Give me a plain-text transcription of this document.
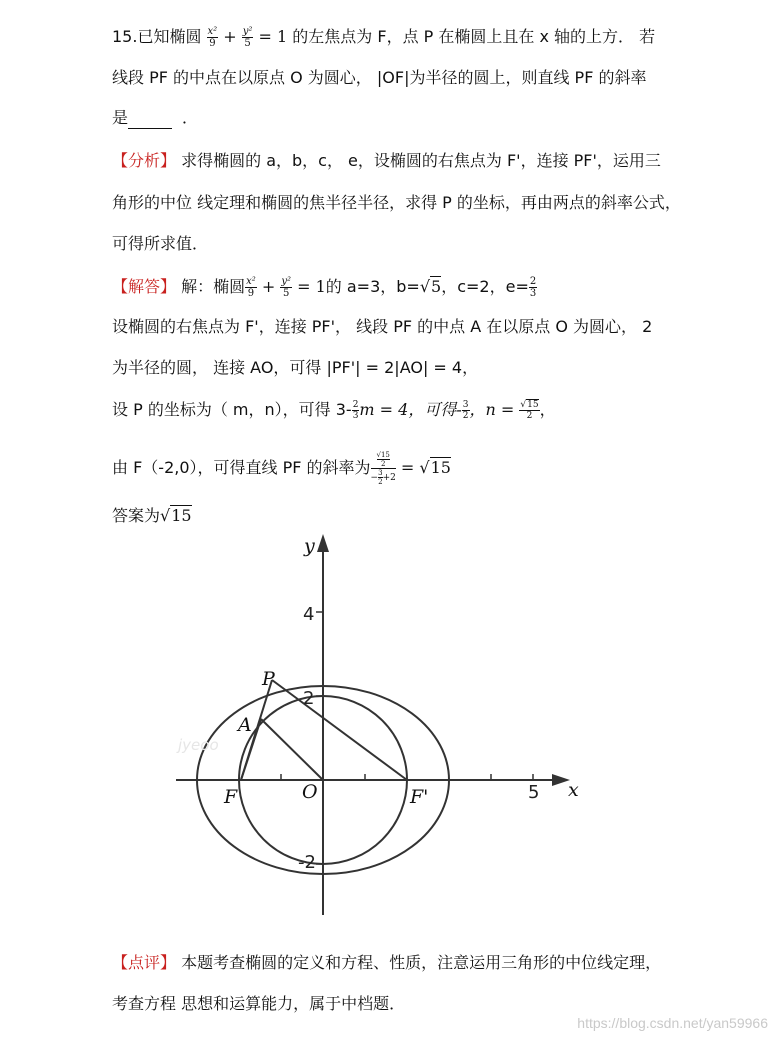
15.已知椭圆 $\frac{\text{x²}}{9} + \frac{\text{y²}}{5} = 1$ 的左焦点为 F，点 P 在椭圆上且在 x 轴的上方． 若
线段 PF 的中点在以原点 O 为圆心， |OF|为半径的圆上，则直线 PF 的斜率
是	．
【分析】 求得椭圆的 a，b，c， e，设椭圆的右焦点为 F'，连接 PF'，运用三
角形的中位 线定理和椭圆的焦半径半径，求得 P 的坐标，再由两点的斜率公式，
可得所求值．
【解答】 解：椭圆 $\frac{\text{x²}}{9} + \frac{\text{y²}}{5} = 1$的 a=3，b=√5，c=2，$e= \frac{2}{3}$
设椭圆的右焦点为 F'，连接 PF'， 线段 PF 的中点 A 在以原点 O 为圆心， 2
为半径的圆， 连接 AO，可得 |PF'| = 2|AO| = 4，
设 P 的坐标为（ m，n），可得 $3- \frac{2}{3}$ m = 4，可得- $\frac{3}{2}$ ，$n = \frac{√15}{2}$ ，
由 F（-2,0），可得直线 PF 的斜率为 $\frac{\frac{√15}{2}}{- \frac{3}{2} +2} = √15$
答案为√15
y
x
P
A
F	O	F'
4
2
-2
5
jyeoo
【点评】 本题考查椭圆的定义和方程、性质，注意运用三角形的中位线定理，
考查方程 思想和运算能力，属于中档题．
https://blog.csdn.net/yan59966
